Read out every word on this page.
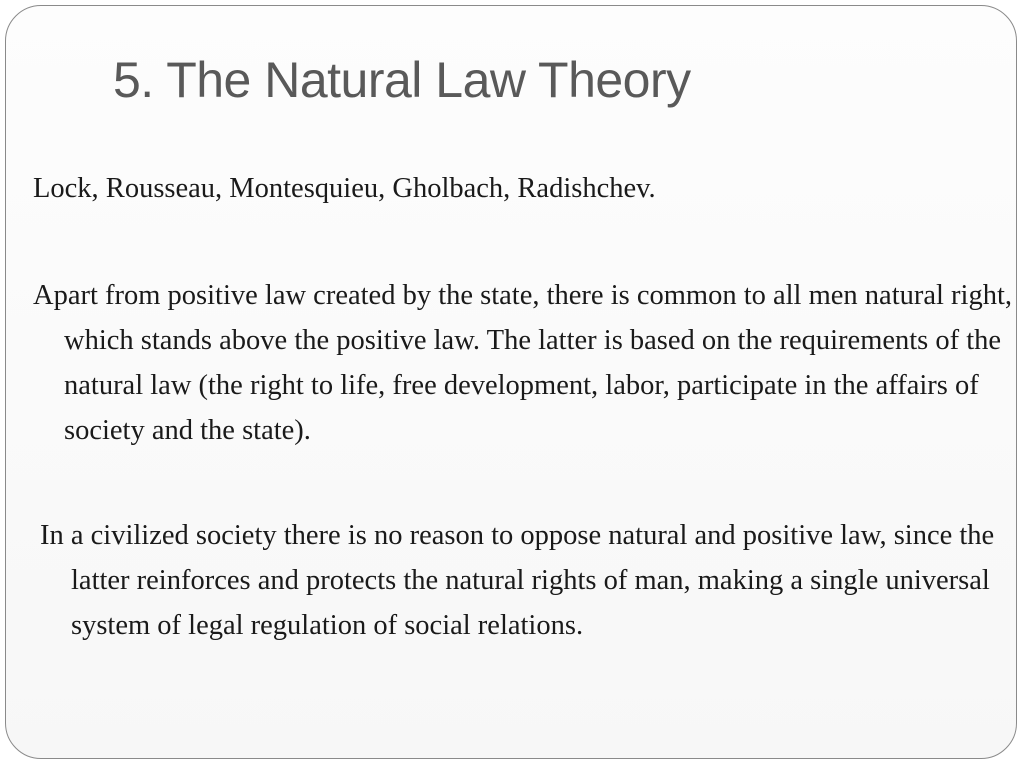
5. The Natural Law Theory

Lock, Rousseau, Montesquieu, Gholbach, Radishchev.

Apart from positive law created by the state, there is common to all men natural right, which stands above the positive law. The latter is based on the requirements of the natural law (the right to life, free development, labor, participate in the affairs of society and the state).

In a civilized society there is no reason to oppose natural and positive law, since the latter reinforces and protects the natural rights of man, making a single universal system of legal regulation of social relations.
